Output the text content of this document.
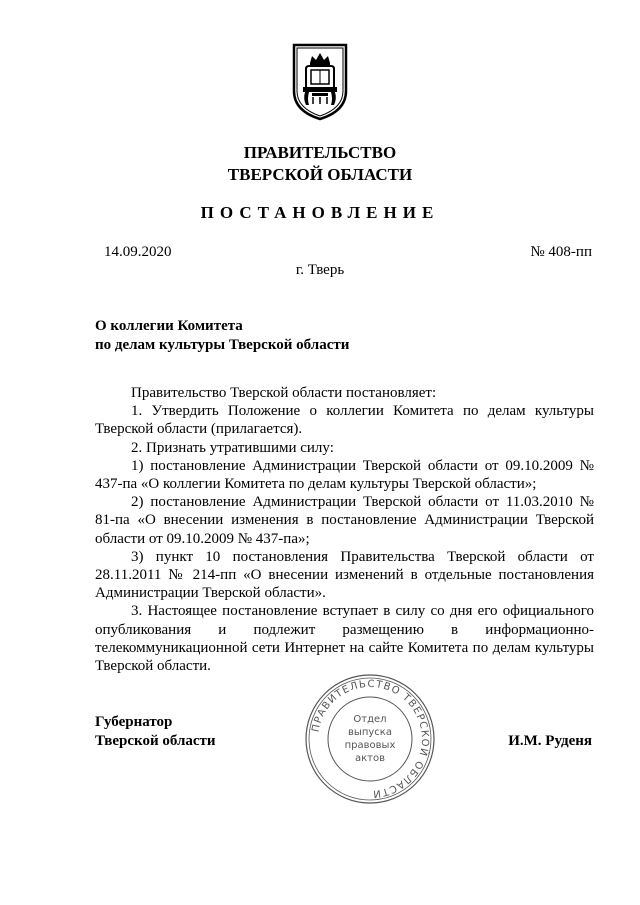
ПРАВИТЕЛЬСТВО
ТВЕРСКОЙ ОБЛАСТИ
ПОСТАНОВЛЕНИЕ
14.09.2020	№ 408-пп
г. Тверь
О коллегии Комитета
по делам культуры Тверской области
Правительство Тверской области постановляет:
1. Утвердить Положение о коллегии Комитета по делам культуры Тверской области (прилагается).
2. Признать утратившими силу:
1) постановление Администрации Тверской области от 09.10.2009 № 437-па «О коллегии Комитета по делам культуры Тверской области»;
2) постановление Администрации Тверской области от 11.03.2010 № 81-па «О внесении изменения в постановление Администрации Тверской области от 09.10.2009 № 437-па»;
3) пункт 10 постановления Правительства Тверской области от 28.11.2011 № 214-пп «О внесении изменений в отдельные постановления Администрации Тверской области».
3. Настоящее постановление вступает в силу со дня его официального опубликования и подлежит размещению в информационно-телекоммуникационной сети Интернет на сайте Комитета по делам культуры Тверской области.
Губернатор
Тверской области	И.М. Руденя
ПРАВИТЕЛЬСТВО ТВЕРСКОЙ ОБЛАСТИ
Отдел
выпуска
правовых
актов
